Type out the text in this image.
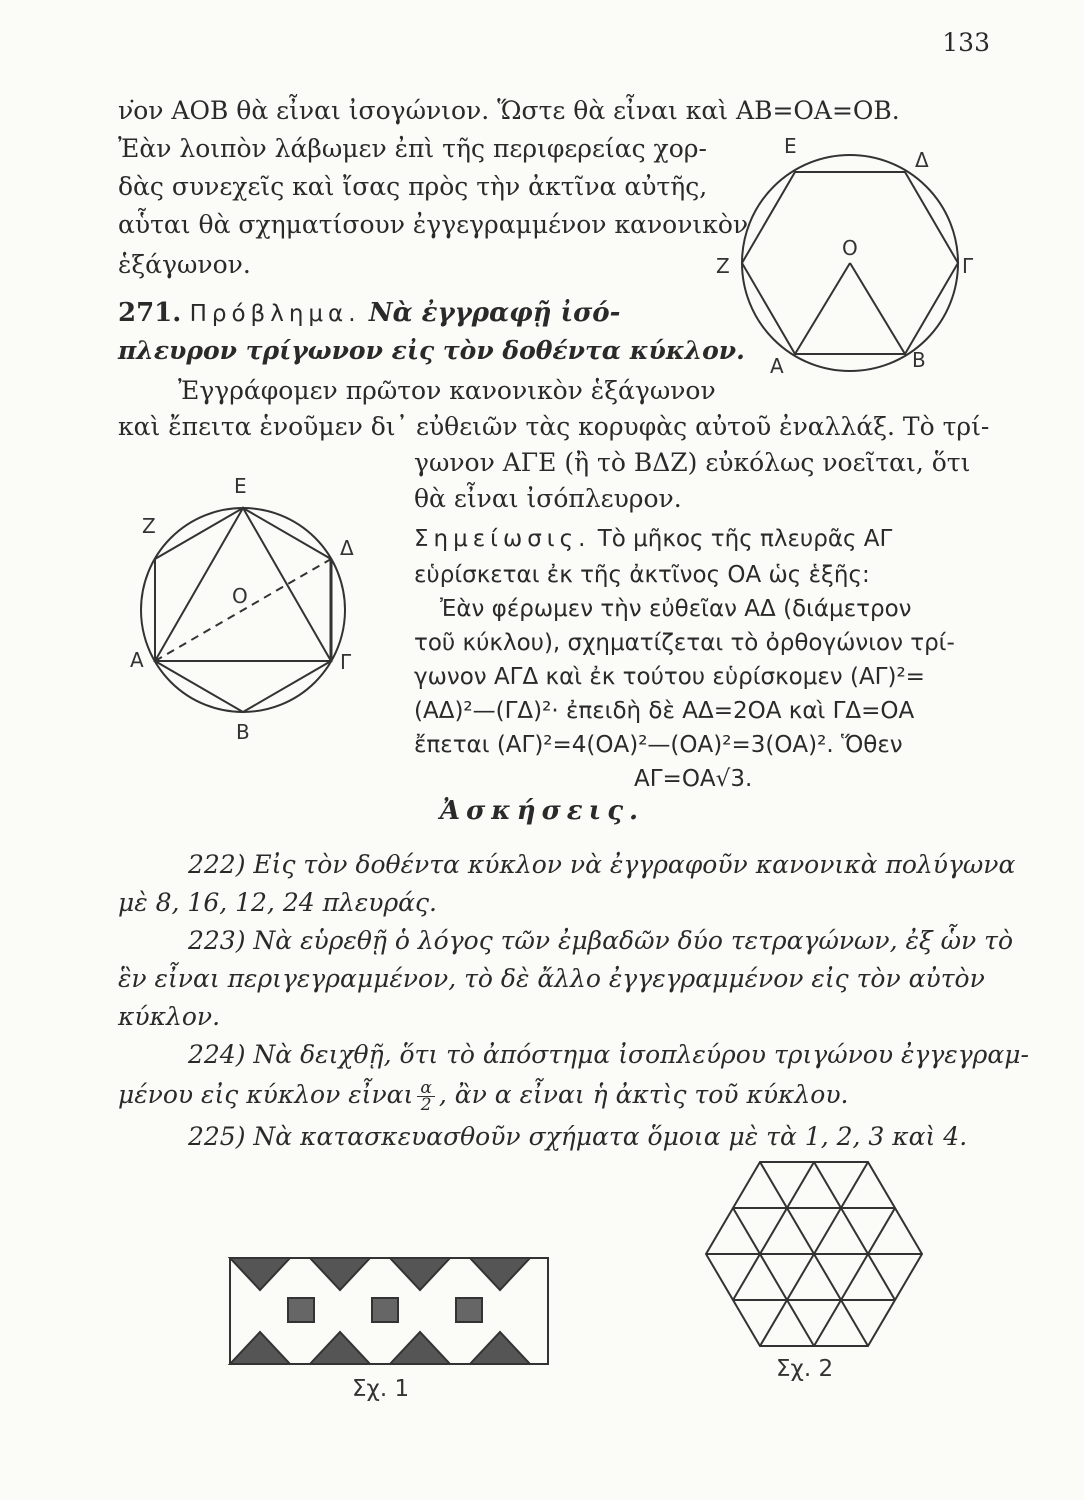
133
ν͘ον ΑΟΒ θὰ εἶναι ἰσογώνιον. Ὥστε θὰ εἶναι καὶ ΑΒ=ΟΑ=ΟΒ.
Ἐὰν λοιπὸν λάβωμεν ἐπὶ τῆς περιφερείας χορ-
δὰς συνεχεῖς καὶ ἴσας πρὸς τὴν ἀκτῖνα αὐτῆς,
αὗται θὰ σχηματίσουν ἐγγεγραμμένον κανονικὸν
ἑξάγωνον.
271. Πρόβλημα. Νὰ ἐγγραφῇ ἰσό-
πλευρον τρίγωνον εἰς τὸν δοθέντα κύκλον.
Ἐγγράφομεν πρῶτον κανονικὸν ἑξάγωνον
καὶ ἔπειτα ἑνοῦμεν δι᾽ εὐθειῶν τὰς κορυφὰς αὐτοῦ ἐναλλάξ. Τὸ τρί-
γωνον ΑΓΕ (ἢ τὸ ΒΔΖ) εὐκόλως νοεῖται, ὅτι
θὰ εἶναι ἰσόπλευρον.
Σημείωσις. Τὸ μῆκος τῆς πλευρᾶς ΑΓ
εὑρίσκεται ἐκ τῆς ἀκτῖνος ΟΑ ὡς ἑξῆς:
Ἐὰν φέρωμεν τὴν εὐθεῖαν ΑΔ (διάμετρον
τοῦ κύκλου), σχηματίζεται τὸ ὀρθογώνιον τρί-
γωνον ΑΓΔ καὶ ἐκ τούτου εὑρίσκομεν (ΑΓ)²=
(ΑΔ)²—(ΓΔ)²· ἐπειδὴ δὲ ΑΔ=2ΟΑ καὶ ΓΔ=ΟΑ
ἔπεται (ΑΓ)²=4(ΟΑ)²—(ΟΑ)²=3(ΟΑ)². Ὅθεν
ΑΓ=ΟΑ√3.
Ἀσκήσεις.
222) Εἰς τὸν δοθέντα κύκλον νὰ ἐγγραφοῦν κανονικὰ πολύγωνα
μὲ 8, 16, 12, 24 πλευράς.
223) Νὰ εὑρεθῇ ὁ λόγος τῶν ἐμβαδῶν δύο τετραγώνων, ἐξ ὧν τὸ
ἓν εἶναι περιγεγραμμένον, τὸ δὲ ἄλλο ἐγγεγραμμένον εἰς τὸν αὐτὸν
κύκλον.
224) Νὰ δειχθῇ, ὅτι τὸ ἀπόστημα ἰσοπλεύρου τριγώνου ἐγγεγραμ-
μένου εἰς κύκλον εἶναι $\frac{\alpha}{2}$ , ἂν α εἶναι ἡ ἀκτὶς τοῦ κύκλου.
225) Νὰ κατασκευασθοῦν σχήματα ὅμοια μὲ τὰ 1, 2, 3 καὶ 4.
E
Δ
Z
O
Γ
A	B
E
Z
Δ
O
A	Γ
B
Σχ. 1
Σχ. 2
